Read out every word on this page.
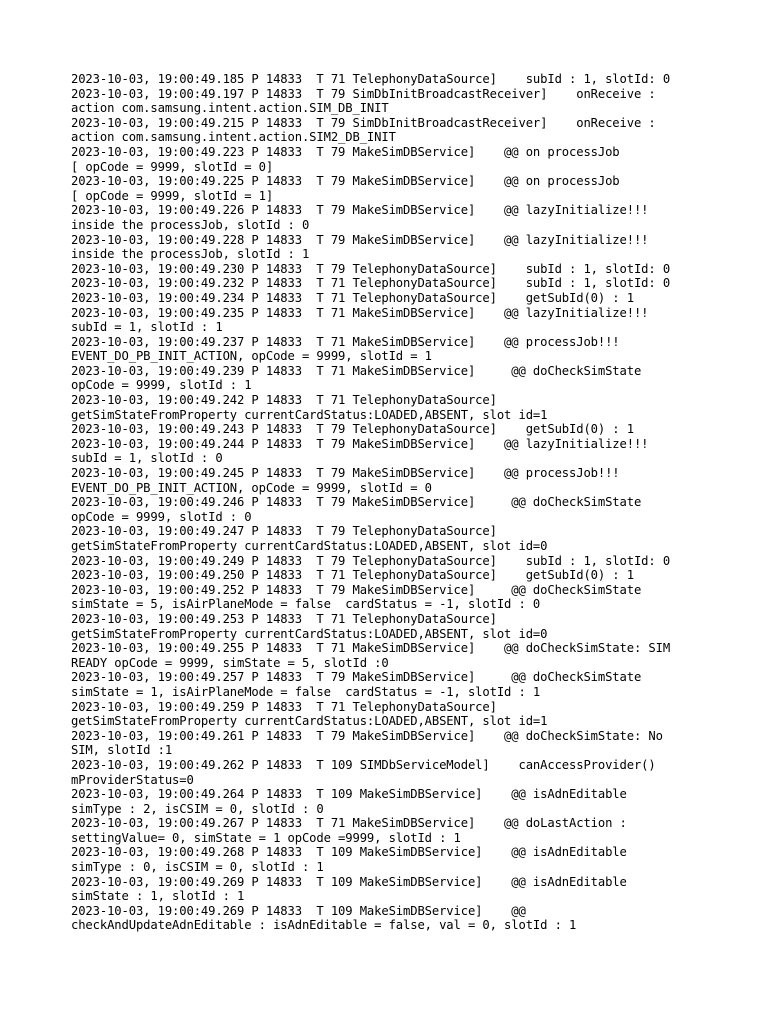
2023-10-03, 19:00:49.185 P 14833  T 71 TelephonyDataSource]    subId : 1, slotId: 0
2023-10-03, 19:00:49.197 P 14833  T 79 SimDbInitBroadcastReceiver]    onReceive :
action com.samsung.intent.action.SIM_DB_INIT
2023-10-03, 19:00:49.215 P 14833  T 79 SimDbInitBroadcastReceiver]    onReceive :
action com.samsung.intent.action.SIM2_DB_INIT
2023-10-03, 19:00:49.223 P 14833  T 79 MakeSimDBService]    @@ on processJob
[ opCode = 9999, slotId = 0]
2023-10-03, 19:00:49.225 P 14833  T 79 MakeSimDBService]    @@ on processJob
[ opCode = 9999, slotId = 1]
2023-10-03, 19:00:49.226 P 14833  T 79 MakeSimDBService]    @@ lazyInitialize!!!
inside the processJob, slotId : 0
2023-10-03, 19:00:49.228 P 14833  T 79 MakeSimDBService]    @@ lazyInitialize!!!
inside the processJob, slotId : 1
2023-10-03, 19:00:49.230 P 14833  T 79 TelephonyDataSource]    subId : 1, slotId: 0
2023-10-03, 19:00:49.232 P 14833  T 71 TelephonyDataSource]    subId : 1, slotId: 0
2023-10-03, 19:00:49.234 P 14833  T 71 TelephonyDataSource]    getSubId(0) : 1
2023-10-03, 19:00:49.235 P 14833  T 71 MakeSimDBService]    @@ lazyInitialize!!!
subId = 1, slotId : 1
2023-10-03, 19:00:49.237 P 14833  T 71 MakeSimDBService]    @@ processJob!!!
EVENT_DO_PB_INIT_ACTION, opCode = 9999, slotId = 1
2023-10-03, 19:00:49.239 P 14833  T 71 MakeSimDBService]     @@ doCheckSimState
opCode = 9999, slotId : 1
2023-10-03, 19:00:49.242 P 14833  T 71 TelephonyDataSource]
getSimStateFromProperty currentCardStatus:LOADED,ABSENT, slot id=1
2023-10-03, 19:00:49.243 P 14833  T 79 TelephonyDataSource]    getSubId(0) : 1
2023-10-03, 19:00:49.244 P 14833  T 79 MakeSimDBService]    @@ lazyInitialize!!!
subId = 1, slotId : 0
2023-10-03, 19:00:49.245 P 14833  T 79 MakeSimDBService]    @@ processJob!!!
EVENT_DO_PB_INIT_ACTION, opCode = 9999, slotId = 0
2023-10-03, 19:00:49.246 P 14833  T 79 MakeSimDBService]     @@ doCheckSimState
opCode = 9999, slotId : 0
2023-10-03, 19:00:49.247 P 14833  T 79 TelephonyDataSource]
getSimStateFromProperty currentCardStatus:LOADED,ABSENT, slot id=0
2023-10-03, 19:00:49.249 P 14833  T 79 TelephonyDataSource]    subId : 1, slotId: 0
2023-10-03, 19:00:49.250 P 14833  T 71 TelephonyDataSource]    getSubId(0) : 1
2023-10-03, 19:00:49.252 P 14833  T 79 MakeSimDBService]     @@ doCheckSimState
simState = 5, isAirPlaneMode = false  cardStatus = -1, slotId : 0
2023-10-03, 19:00:49.253 P 14833  T 71 TelephonyDataSource]
getSimStateFromProperty currentCardStatus:LOADED,ABSENT, slot id=0
2023-10-03, 19:00:49.255 P 14833  T 71 MakeSimDBService]    @@ doCheckSimState: SIM
READY opCode = 9999, simState = 5, slotId :0
2023-10-03, 19:00:49.257 P 14833  T 79 MakeSimDBService]     @@ doCheckSimState
simState = 1, isAirPlaneMode = false  cardStatus = -1, slotId : 1
2023-10-03, 19:00:49.259 P 14833  T 71 TelephonyDataSource]
getSimStateFromProperty currentCardStatus:LOADED,ABSENT, slot id=1
2023-10-03, 19:00:49.261 P 14833  T 79 MakeSimDBService]    @@ doCheckSimState: No
SIM, slotId :1
2023-10-03, 19:00:49.262 P 14833  T 109 SIMDbServiceModel]    canAccessProvider()
mProviderStatus=0
2023-10-03, 19:00:49.264 P 14833  T 109 MakeSimDBService]    @@ isAdnEditable
simType : 2, isCSIM = 0, slotId : 0
2023-10-03, 19:00:49.267 P 14833  T 71 MakeSimDBService]    @@ doLastAction :
settingValue= 0, simState = 1 opCode =9999, slotId : 1
2023-10-03, 19:00:49.268 P 14833  T 109 MakeSimDBService]    @@ isAdnEditable
simType : 0, isCSIM = 0, slotId : 1
2023-10-03, 19:00:49.269 P 14833  T 109 MakeSimDBService]    @@ isAdnEditable
simState : 1, slotId : 1
2023-10-03, 19:00:49.269 P 14833  T 109 MakeSimDBService]    @@
checkAndUpdateAdnEditable : isAdnEditable = false, val = 0, slotId : 1
